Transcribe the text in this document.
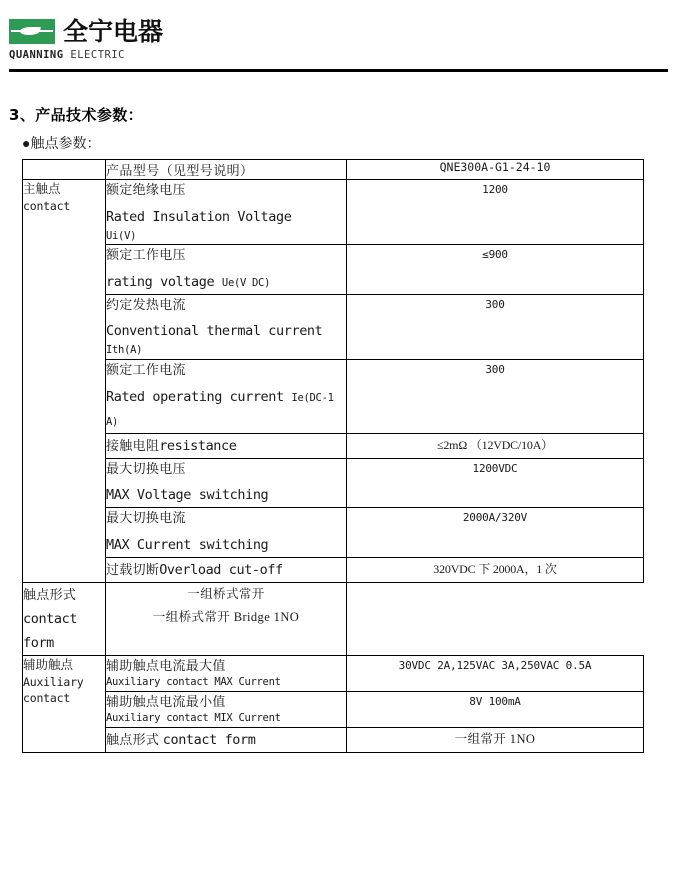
全宁电器
QUANNING ELECTRIC
3、产品技术参数：
●触点参数：
	产品型号（见型号说明）	QNE300A-G1-24-10

主触点
contact	额定绝缘电压
Rated Insulation Voltage
Ui(V)	1200

	额定工作电压
rating voltage Ue(V DC)	≤900

	约定发热电流
Conventional thermal current
Ith(A)	300

	额定工作电流
Rated operating current Ie(DC-1 A)	300

	接触电阻resistance	≤2mΩ （12VDC/10A）

	最大切换电压
MAX Voltage switching	1200VDC

	最大切换电流
MAX Current switching	2000A/320V

	过载切断Overload cut-off	320VDC 下 2000A，1 次

触点形式contact form	一组桥式常开
一组桥式常开 Bridge 1NO	

辅助触点
Auxiliary
contact	辅助触点电流最大值
Auxiliary contact MAX Current	30VDC 2A,125VAC 3A,250VAC 0.5A

	辅助触点电流最小值
Auxiliary contact MIX Current	8V 100mA

	触点形式 contact form	一组常开 1NO
